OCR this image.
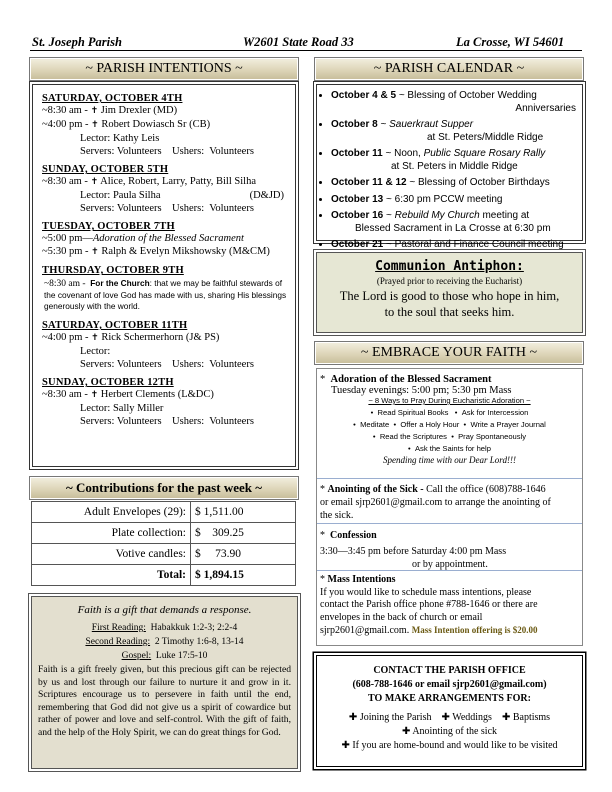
St. Joseph Parish	W2601 State Road 33	La Crosse, WI 54601
~ PARISH INTENTIONS ~
SATURDAY, OCTOBER 4TH
~8:30 am - ✝ Jim Drexler (MD)
~4:00 pm - ✝ Robert Dowiasch Sr (CB)
Lector: Kathy Leis
Servers: Volunteers    Ushers:  Volunteers
SUNDAY, OCTOBER 5TH
~8:30 am - ✝ Alice, Robert, Larry, Patty, Bill Silha
Lector: Paula Silha	(D&JD)
Servers: Volunteers    Ushers:  Volunteers
TUESDAY, OCTOBER 7TH
~5:00 pm—Adoration of the Blessed Sacrament
~5:30 pm - ✝ Ralph & Evelyn Mikshowsky (M&CM)
THURSDAY, OCTOBER 9TH
~8:30 am - For the Church: that we may be faithful stewards of the covenant of love God has made with us, sharing His blessings generously with the world.
SATURDAY, OCTOBER 11TH
~4:00 pm - ✝ Rick Schermerhorn (J& PS)
Lector:
Servers: Volunteers    Ushers:  Volunteers
SUNDAY, OCTOBER 12TH
~8:30 am - ✝ Herbert Clements (L&DC)
Lector: Sally Miller
Servers: Volunteers    Ushers:  Volunteers
~ Contributions for the past week ~
Adult Envelopes (29):	$ 1,511.00
Plate collection:	$    309.25
Votive candles:	$     73.90
Total:	$ 1,894.15
Faith is a gift that demands a response.
First Reading: Habakkuk 1:2-3; 2:2-4
Second Reading: 2 Timothy 1:6-8, 13-14
Gospel: Luke 17:5-10
Faith is a gift freely given, but this precious gift can be rejected by us and lost through our failure to nurture it and grow in it. Scriptures encourage us to persevere in faith until the end, remembering that God did not give us a spirit of cowardice but rather of power and love and self-control. With the gift of faith, and the help of the Holy Spirit, we can do great things for God.
~ PARISH CALENDAR ~
• October 4 & 5 ~ Blessing of October Wedding
Anniversaries
• October 8 ~ Sauerkraut Supper
at St. Peters/Middle Ridge
• October 11 ~ Noon, Public Square Rosary Rally
at St. Peters in Middle Ridge
• October 11 & 12 ~ Blessing of October Birthdays
• October 13 ~ 6:30 pm PCCW meeting
• October 16 ~ Rebuild My Church meeting at
Blessed Sacrament in La Crosse at 6:30 pm
• October 21 ~ Pastoral and Finance Council meeting
Communion Antiphon:
(Prayed prior to receiving the Eucharist)
The Lord is good to those who hope in him,
to the soul that seeks him.
~ EMBRACE YOUR FAITH ~
* Adoration of the Blessed Sacrament
Tuesday evenings: 5:00 pm; 5:30 pm Mass
~ 8 Ways to Pray During Eucharistic Adoration ~
• Read Spiritual Books • Ask for Intercession
• Meditate • Offer a Holy Hour • Write a Prayer Journal
• Read the Scriptures • Pray Spontaneously
• Ask the Saints for help
Spending time with our Dear Lord!!!
* Anointing of the Sick - Call the office (608)788-1646
or email sjrp2601@gmail.com to arrange the anointing of
the sick.
* Confession
3:30—3:45 pm before Saturday 4:00 pm Mass
or by appointment.
* Mass Intentions
If you would like to schedule mass intentions, please
contact the Parish office phone #788-1646 or there are
envelopes in the back of church or email
sjrp2601@gmail.com. Mass Intention offering is $20.00
CONTACT THE PARISH OFFICE
(608-788-1646 or email sjrp2601@gmail.com)
TO MAKE ARRANGEMENTS FOR:
✚ Joining the Parish ✚ Weddings ✚ Baptisms
✚ Anointing of the sick
✚ If you are home-bound and would like to be visited
